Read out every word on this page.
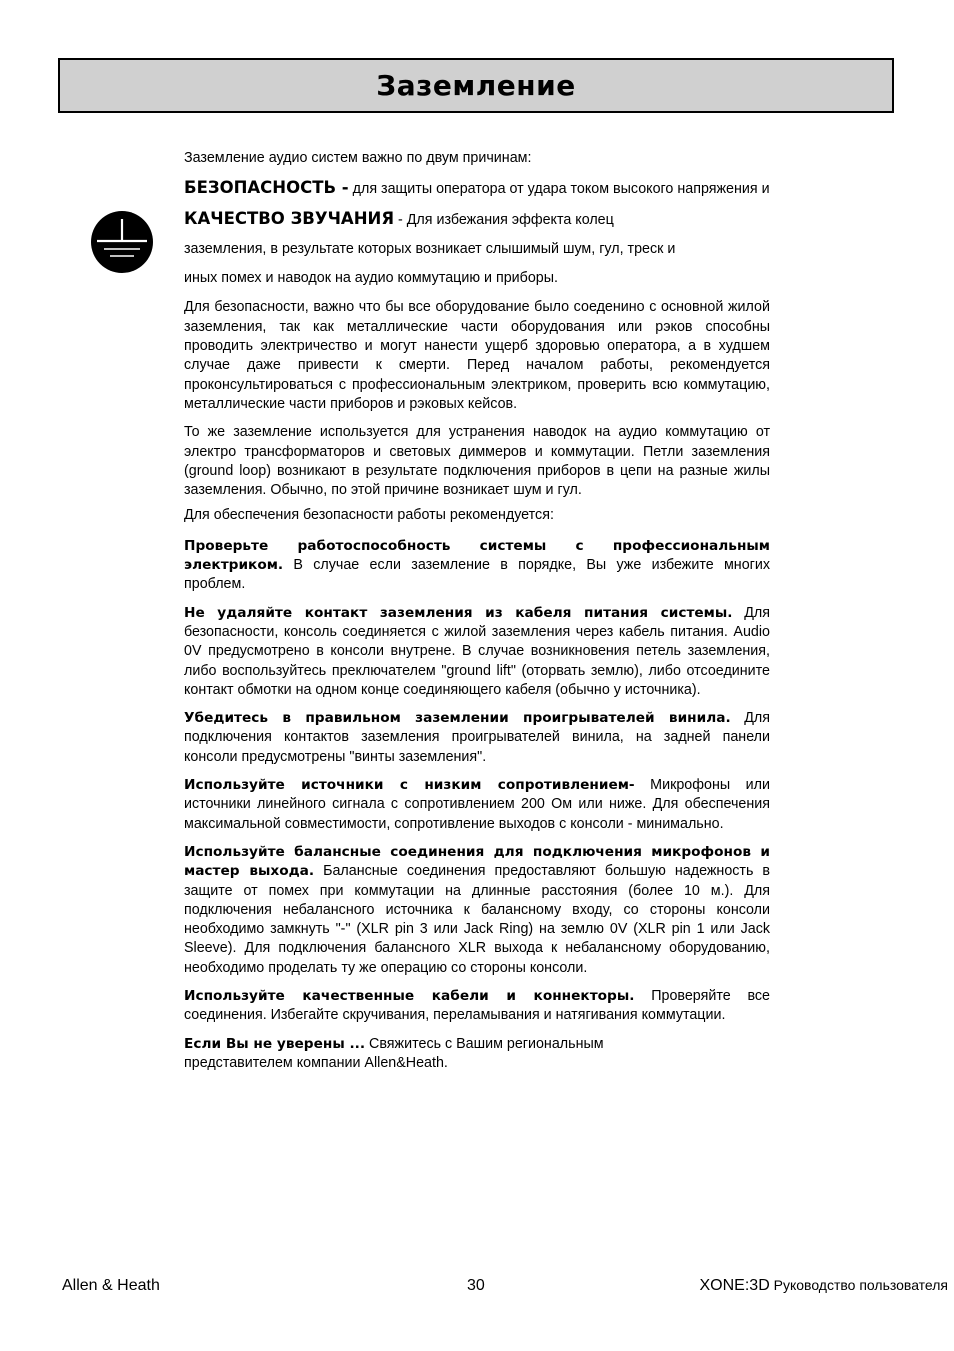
Заземление

Заземление аудио систем важно по двум причинам:

БЕЗОПАСНОСТЬ - для защиты оператора от удара током высокого напряжения и

КАЧЕСТВО ЗВУЧАНИЯ - Для избежания эффекта колец

заземления, в результате которых возникает слышимый шум, гул, треск и

иных помех и наводок на аудио коммутацию и приборы.

Для безопасности, важно что бы все оборудование было соеденино с основной жилой заземления, так как металлические части оборудования или рэков способны проводить электричество и могут нанести ущерб здоровью оператора, а в худшем случае даже привести к смерти. Перед началом работы, рекомендуется проконсультироваться с профессиональным электриком, проверить всю коммутацию, металлические части приборов и рэковых кейсов.

То же заземление используется для устранения наводок на аудио коммутацию от электро трансформаторов и световых диммеров и коммутации. Петли заземления (ground loop) возникают в результате подключения приборов в цепи на разные жилы заземления. Обычно, по этой причине возникает шум и гул.

Для обеспечения безопасности работы рекомендуется:

Проверьте работоспособность системы с профессиональным электриком. В случае если заземление в порядке, Вы уже избежите многих проблем.

Не удаляйте контакт заземления из кабеля питания системы. Для безопасности, консоль соединяется с жилой заземления через кабель питания. Audio 0V предусмотрено в консоли внутрене. В случае возникновения петель заземления, либо воспользуйтесь преключателем "ground lift" (оторвать землю), либо отсоедините контакт обмотки на одном конце соединяющего кабеля (обычно у источника).

Убедитесь в правильном заземлении проигрывателей винила. Для подключения контактов заземления проигрывателей винила, на задней панели консоли предусмотрены "винты заземления".

Используйте источники с низким сопротивлением- Микрофоны или источники линейного сигнала с сопротивлением 200 Ом или ниже. Для обеспечения максимальной совместимости, сопротивление выходов с консоли - минимально.

Используйте балансные соединения для подключения микрофонов и мастер выхода. Балансные соединения предоставляют большую надежность в защите от помех при коммутации на длинные расстояния (более 10 м.). Для подключения небалансного источника к балансному входу, со стороны консоли необходимо замкнуть "-" (XLR pin 3 или Jack Ring) на землю 0V (XLR pin 1 или Jack Sleeve). Для подключения балансного XLR выхода к небалансному оборудованию, необходимо проделать ту же операцию со стороны консоли.

Используйте качественные кабели и коннекторы. Проверяйте все соединения. Избегайте скручивания, переламывания и натягивания коммутации.

Если Вы не уверены ... Свяжитесь с Вашим региональным

представителем компании Allen&Heath.

Allen & Heath	30	XONE:3D Руководство пользователя
